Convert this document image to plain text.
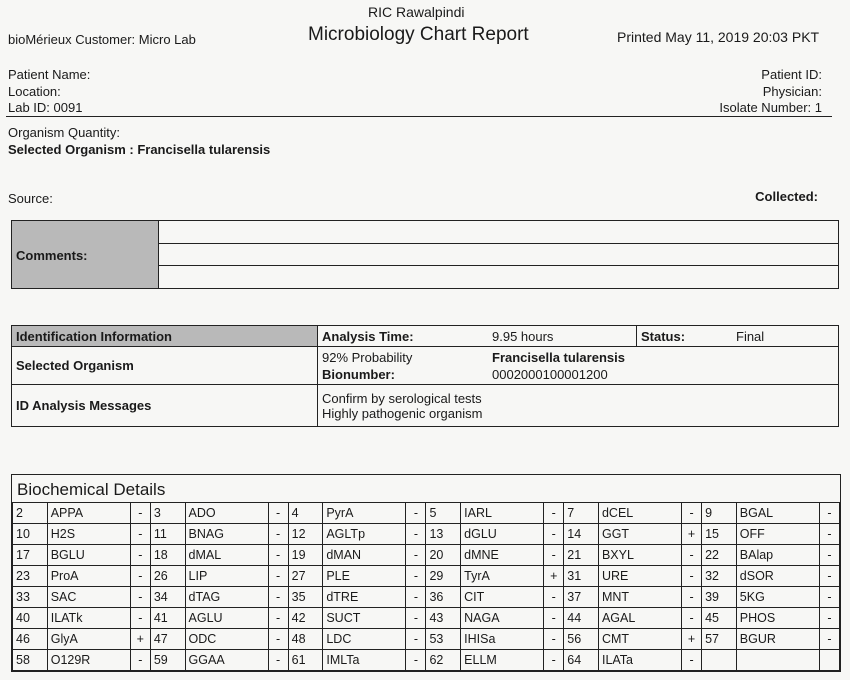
RIC Rawalpindi
bioMérieux Customer: Micro Lab	Microbiology Chart Report	Printed May 11, 2019 20:03 PKT
Patient Name:
Location:
Lab ID: 0091
Patient ID:
Physician:
Isolate Number: 1
Organism Quantity:
Selected Organism : Francisella tularensis
Source:	Collected:
Comments:
Identification Information	Analysis Time: 9.95 hours	Status: Final

Selected Organism	92% Probability Francisella tularensis
Bionumber: 0002000100001200	

ID Analysis Messages	Confirm by serological tests
Highly pathogenic organism	
Biochemical Details
2	APPA	-	3	ADO	-	4	PyrA	-	5	IARL	-	7	dCEL	-	9	BGAL	-
10	H2S	-	11	BNAG	-	12	AGLTp	-	13	dGLU	-	14	GGT	+	15	OFF	-
17	BGLU	-	18	dMAL	-	19	dMAN	-	20	dMNE	-	21	BXYL	-	22	BAlap	-
23	ProA	-	26	LIP	-	27	PLE	-	29	TyrA	+	31	URE	-	32	dSOR	-
33	SAC	-	34	dTAG	-	35	dTRE	-	36	CIT	-	37	MNT	-	39	5KG	-
40	ILATk	-	41	AGLU	-	42	SUCT	-	43	NAGA	-	44	AGAL	-	45	PHOS	-
46	GlyA	+	47	ODC	-	48	LDC	-	53	IHISa	-	56	CMT	+	57	BGUR	-
58	O129R	-	59	GGAA	-	61	IMLTa	-	62	ELLM	-	64	ILATa	-			
